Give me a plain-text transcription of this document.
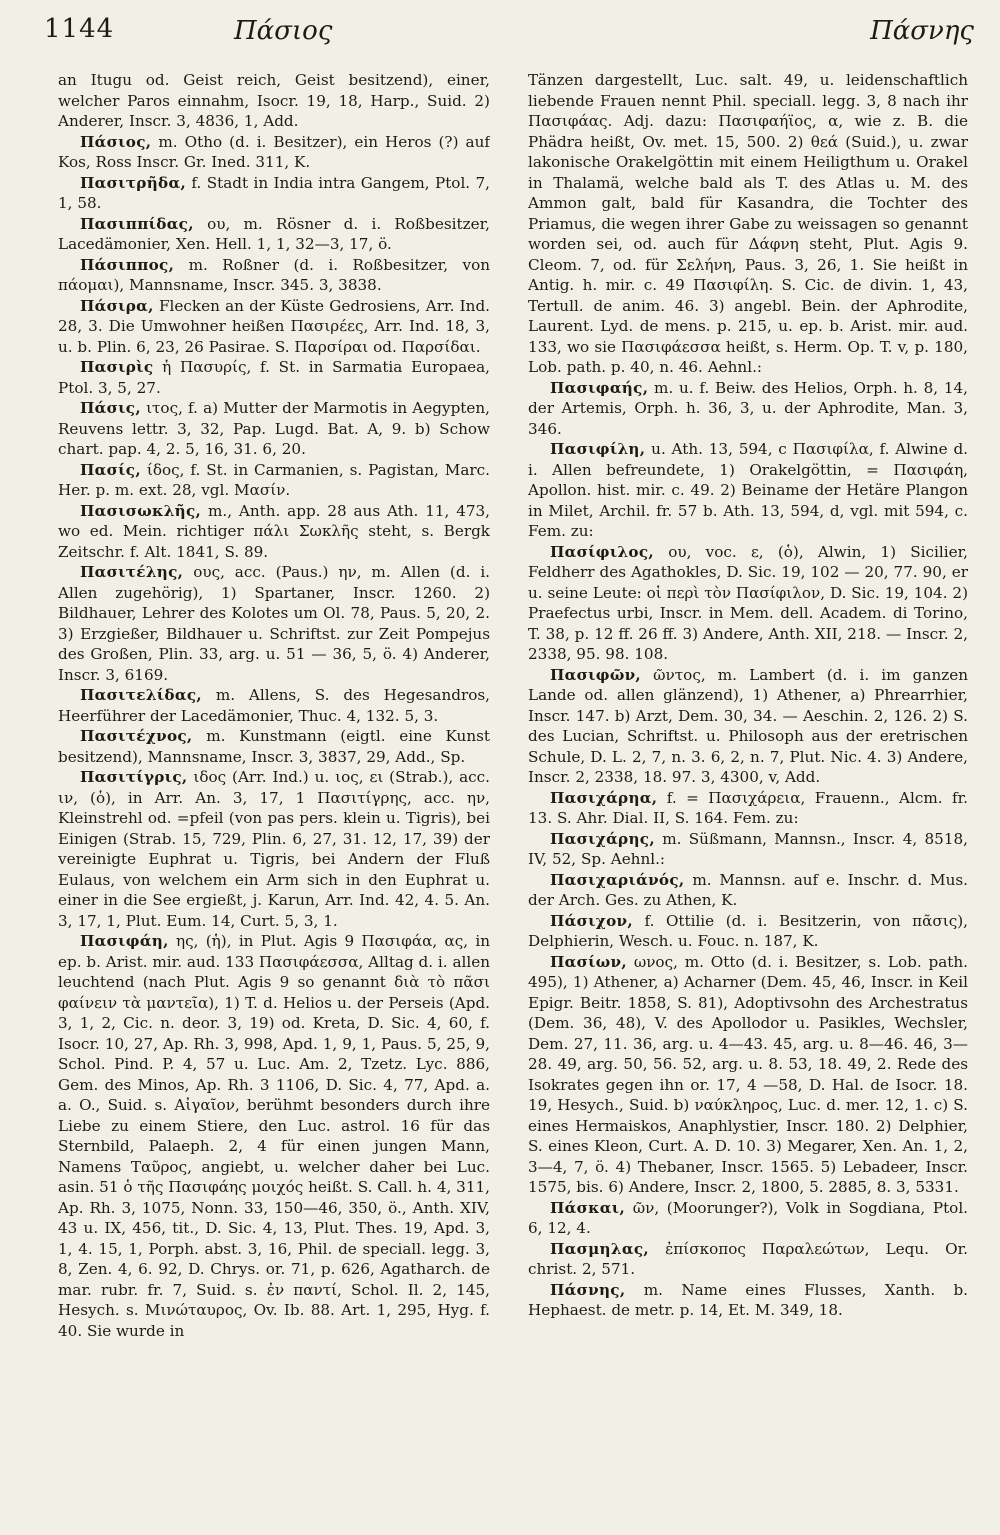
1144	Πάσιος	Πάσνης

an Itugu od. Geist reich, Geist besitzend), einer, welcher Paros einnahm, Isocr. 19, 18, Harp., Suid. 2) Anderer, Inscr. 3, 4836, 1, Add.

Πάσιος, m. Otho (d. i. Besitzer), ein Heros (?) auf Kos, Ross Inscr. Gr. Ined. 311, K.

Πασιτρῆδα, f. Stadt in India intra Gangem, Ptol. 7, 1, 58.

Πασιππίδας, ου, m. Rösner d. i. Roßbesitzer, Lacedämonier, Xen. Hell. 1, 1, 32—3, 17, ö.

Πάσιππος, m. Roßner (d. i. Roßbesitzer, von πάομαι), Mannsname, Inscr. 345. 3, 3838.

Πάσιρα, Flecken an der Küste Gedrosiens, Arr. Ind. 28, 3. Die Umwohner heißen Πασιρέες, Arr. Ind. 18, 3, u. b. Plin. 6, 23, 26 Pasirae. S. Παρσίραι od. Παρσίδαι.

Πασιρὶς ἡ Πασυρίς, f. St. in Sarmatia Europaea, Ptol. 3, 5, 27.

Πάσις, ιτος, f. a) Mutter der Marmotis in Aegypten, Reuvens lettr. 3, 32, Pap. Lugd. Bat. A, 9. b) Schow chart. pap. 4, 2. 5, 16, 31. 6, 20.

Πασίς, ίδος, f. St. in Carmanien, s. Pagistan, Marc. Her. p. m. ext. 28, vgl. Μασίν.

Πασισωκλῆς, m., Anth. app. 28 aus Ath. 11, 473, wo ed. Mein. richtiger πάλι Σωκλῆς steht, s. Bergk Zeitschr. f. Alt. 1841, S. 89.

Πασιτέλης, ους, acc. (Paus.) ην, m. Allen (d. i. Allen zugehörig), 1) Spartaner, Inscr. 1260. 2) Bildhauer, Lehrer des Kolotes um Ol. 78, Paus. 5, 20, 2. 3) Erzgießer, Bildhauer u. Schriftst. zur Zeit Pompejus des Großen, Plin. 33, arg. u. 51 — 36, 5, ö. 4) Anderer, Inscr. 3, 6169.

Πασιτελίδας, m. Allens, S. des Hegesandros, Heerführer der Lacedämonier, Thuc. 4, 132. 5, 3.

Πασιτέχνος, m. Kunstmann (eigtl. eine Kunst besitzend), Mannsname, Inscr. 3, 3837, 29, Add., Sp.

Πασιτίγρις, ιδος (Arr. Ind.) u. ιος, ει (Strab.), acc. ιν, (ὁ), in Arr. An. 3, 17, 1 Πασιτίγρης, acc. ην, Kleinstrehl od. =pfeil (von pas pers. klein u. Tigris), bei Einigen (Strab. 15, 729, Plin. 6, 27, 31. 12, 17, 39) der vereinigte Euphrat u. Tigris, bei Andern der Fluß Eulaus, von welchem ein Arm sich in den Euphrat u. einer in die See ergießt, j. Karun, Arr. Ind. 42, 4. 5. An. 3, 17, 1, Plut. Eum. 14, Curt. 5, 3, 1.

Πασιφάη, ης, (ἡ), in Plut. Agis 9 Πασιφάα, ας, in ep. b. Arist. mir. aud. 133 Πασιφάεσσα, Alltag d. i. allen leuchtend (nach Plut. Agis 9 so genannt διὰ τὸ πᾶσι φαίνειν τὰ μαντεῖα), 1) T. d. Helios u. der Perseis (Apd. 3, 1, 2, Cic. n. deor. 3, 19) od. Kreta, D. Sic. 4, 60, f. Isocr. 10, 27, Ap. Rh. 3, 998, Apd. 1, 9, 1, Paus. 5, 25, 9, Schol. Pind. P. 4, 57 u. Luc. Am. 2, Tzetz. Lyc. 886, Gem. des Minos, Ap. Rh. 3 1106, D. Sic. 4, 77, Apd. a. a. O., Suid. s. Αἰγαῖον, berühmt besonders durch ihre Liebe zu einem Stiere, den Luc. astrol. 16 für das Sternbild, Palaeph. 2, 4 für einen jungen Mann, Namens Ταῦρος, angiebt, u. welcher daher bei Luc. asin. 51 ὁ τῆς Πασιφάης μοιχός heißt. S. Call. h. 4, 311, Ap. Rh. 3, 1075, Nonn. 33, 150—46, 350, ö., Anth. XIV, 43 u. IX, 456, tit., D. Sic. 4, 13, Plut. Thes. 19, Apd. 3, 1, 4. 15, 1, Porph. abst. 3, 16, Phil. de speciall. legg. 3, 8, Zen. 4, 6. 92, D. Chrys. or. 71, p. 626, Agatharch. de mar. rubr. fr. 7, Suid. s. ἐν παντί, Schol. Il. 2, 145, Hesych. s. Μινώταυρος, Ov. Ib. 88. Art. 1, 295, Hyg. f. 40. Sie wurde in

Tänzen dargestellt, Luc. salt. 49, u. leidenschaftlich liebende Frauen nennt Phil. speciall. legg. 3, 8 nach ihr Πασιφάας. Adj. dazu: Πασιφαήϊος, α, wie z. B. die Phädra heißt, Ov. met. 15, 500. 2) θεά (Suid.), u. zwar lakonische Orakelgöttin mit einem Heiligthum u. Orakel in Thalamä, welche bald als T. des Atlas u. M. des Ammon galt, bald für Kasandra, die Tochter des Priamus, die wegen ihrer Gabe zu weissagen so genannt worden sei, od. auch für Δάφνη steht, Plut. Agis 9. Cleom. 7, od. für Σελήνη, Paus. 3, 26, 1. Sie heißt in Antig. h. mir. c. 49 Πασιφίλη. S. Cic. de divin. 1, 43, Tertull. de anim. 46. 3) angebl. Bein. der Aphrodite, Laurent. Lyd. de mens. p. 215, u. ep. b. Arist. mir. aud. 133, wo sie Πασιφάεσσα heißt, s. Herm. Op. T. v, p. 180, Lob. path. p. 40, n. 46. Aehnl.:

Πασιφαής, m. u. f. Beiw. des Helios, Orph. h. 8, 14, der Artemis, Orph. h. 36, 3, u. der Aphrodite, Man. 3, 346.

Πασιφίλη, u. Ath. 13, 594, c Πασιφίλα, f. Alwine d. i. Allen befreundete, 1) Orakelgöttin, = Πασιφάη, Apollon. hist. mir. c. 49. 2) Beiname der Hetäre Plangon in Milet, Archil. fr. 57 b. Ath. 13, 594, d, vgl. mit 594, c. Fem. zu:

Πασίφιλος, ου, voc. ε, (ὁ), Alwin, 1) Sicilier, Feldherr des Agathokles, D. Sic. 19, 102 — 20, 77. 90, er u. seine Leute: οἱ περὶ τὸν Πασίφιλον, D. Sic. 19, 104. 2) Praefectus urbi, Inscr. in Mem. dell. Academ. di Torino, T. 38, p. 12 ff. 26 ff. 3) Andere, Anth. XII, 218. — Inscr. 2, 2338, 95. 98. 108.

Πασιφῶν, ῶντος, m. Lambert (d. i. im ganzen Lande od. allen glänzend), 1) Athener, a) Phrearrhier, Inscr. 147. b) Arzt, Dem. 30, 34. — Aeschin. 2, 126. 2) S. des Lucian, Schriftst. u. Philosoph aus der eretrischen Schule, D. L. 2, 7, n. 3. 6, 2, n. 7, Plut. Nic. 4. 3) Andere, Inscr. 2, 2338, 18. 97. 3, 4300, v, Add.

Πασιχάρηα, f. = Πασιχάρεια, Frauenn., Alcm. fr. 13. S. Ahr. Dial. II, S. 164. Fem. zu:

Πασιχάρης, m. Süßmann, Mannsn., Inscr. 4, 8518, IV, 52, Sp. Aehnl.:

Πασιχαριάνός, m. Mannsn. auf e. Inschr. d. Mus. der Arch. Ges. zu Athen, K.

Πάσιχον, f. Ottilie (d. i. Besitzerin, von πᾶσις), Delphierin, Wesch. u. Fouc. n. 187, K.

Πασίων, ωνος, m. Otto (d. i. Besitzer, s. Lob. path. 495), 1) Athener, a) Acharner (Dem. 45, 46, Inscr. in Keil Epigr. Beitr. 1858, S. 81), Adoptivsohn des Archestratus (Dem. 36, 48), V. des Apollodor u. Pasikles, Wechsler, Dem. 27, 11. 36, arg. u. 4—43. 45, arg. u. 8—46. 46, 3—28. 49, arg. 50, 56. 52, arg. u. 8. 53, 18. 49, 2. Rede des Isokrates gegen ihn or. 17, 4 —58, D. Hal. de Isocr. 18. 19, Hesych., Suid. b) ναύκληρος, Luc. d. mer. 12, 1. c) S. eines Hermaiskos, Anaphlystier, Inscr. 180. 2) Delphier, S. eines Kleon, Curt. A. D. 10. 3) Megarer, Xen. An. 1, 2, 3—4, 7, ö. 4) Thebaner, Inscr. 1565. 5) Lebadeer, Inscr. 1575, bis. 6) Andere, Inscr. 2, 1800, 5. 2885, 8. 3, 5331.

Πάσκαι, ῶν, (Moorunger?), Volk in Sogdiana, Ptol. 6, 12, 4.

Πασμηλας, ἐπίσκοπος Παραλεώτων, Lequ. Or. christ. 2, 571.

Πάσνης, m. Name eines Flusses, Xanth. b. Hephaest. de metr. p. 14, Et. M. 349, 18.
